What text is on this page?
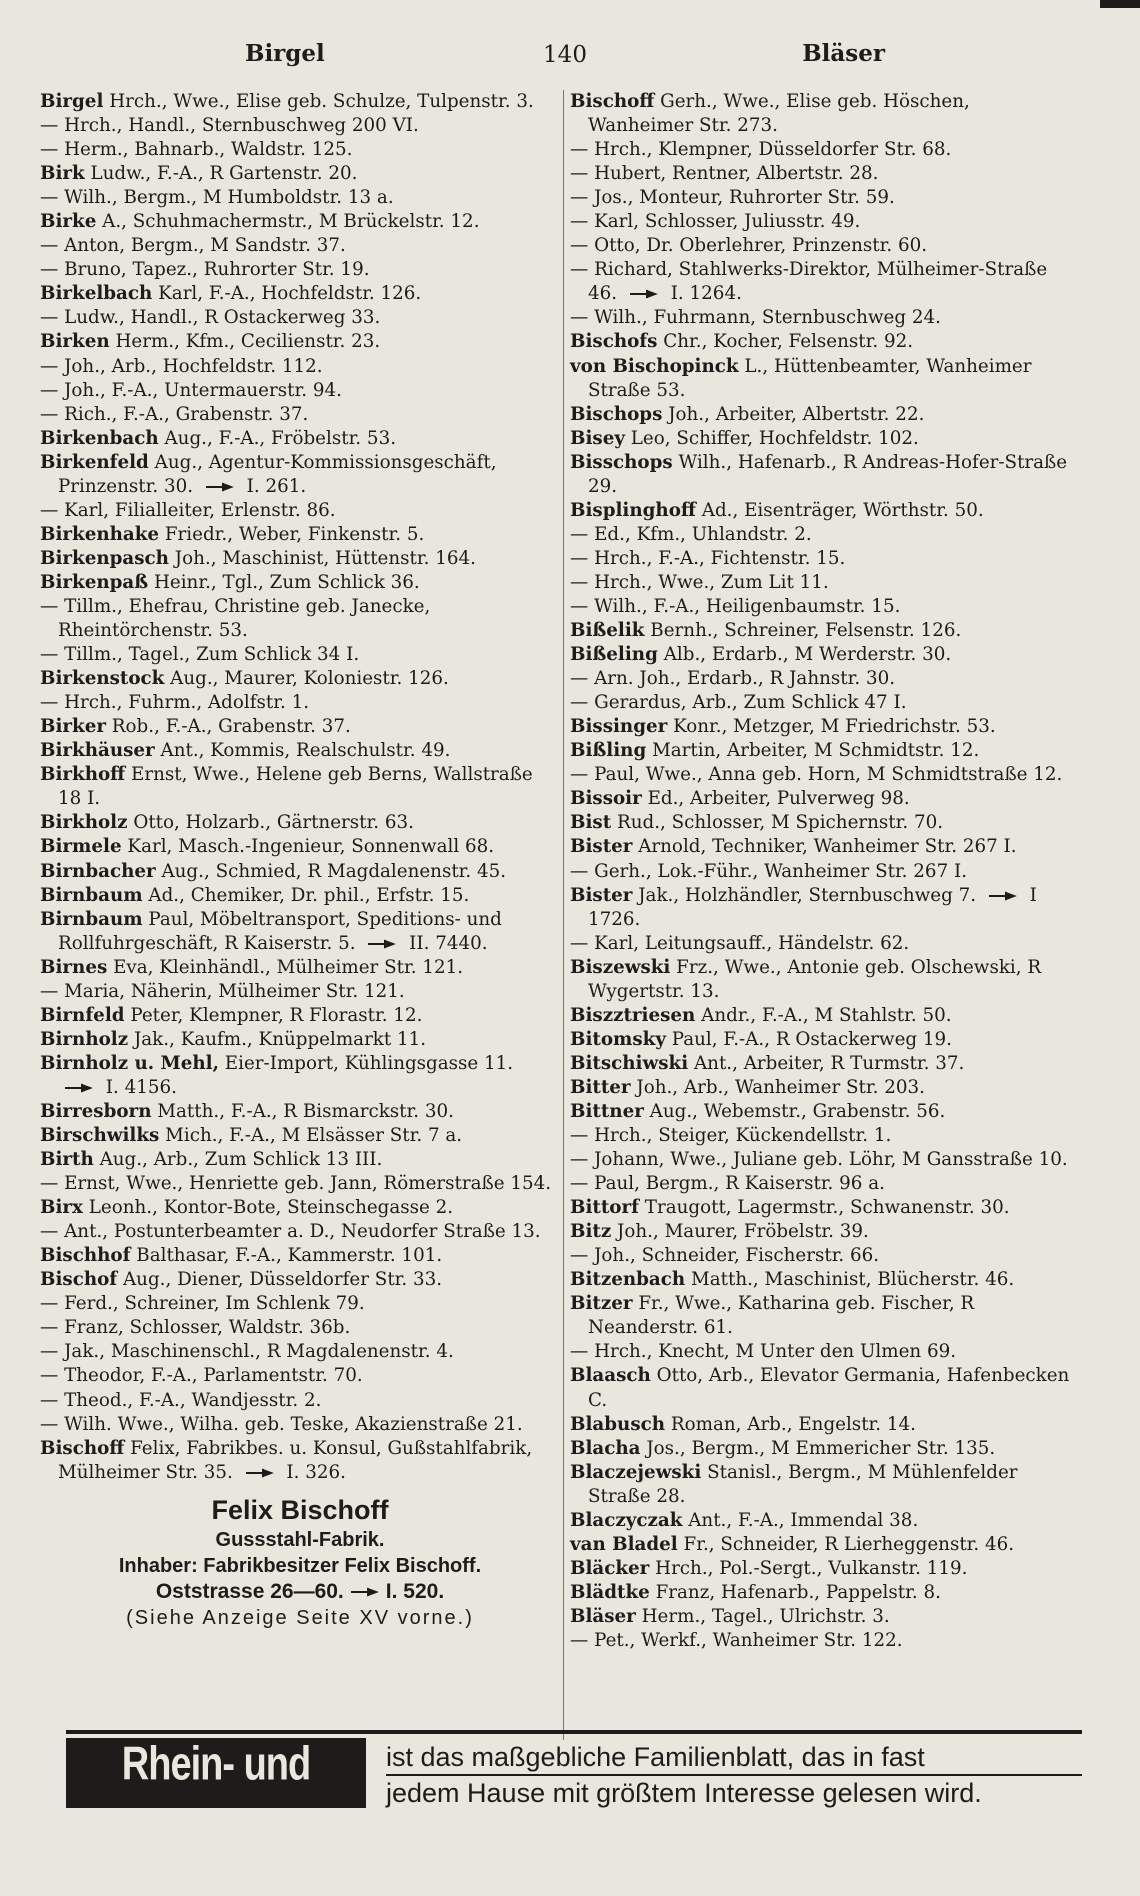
Birgel	140	Bläser
Birgel Hrch., Wwe., Elise geb. Schulze, Tulpenstr. 3.
— Hrch., Handl., Sternbuschweg 200 VI.
— Herm., Bahnarb., Waldstr. 125.
Birk Ludw., F.-A., R Gartenstr. 20.
— Wilh., Bergm., M Humboldstr. 13 a.
Birke A., Schuhmachermstr., M Brückelstr. 12.
— Anton, Bergm., M Sandstr. 37.
— Bruno, Tapez., Ruhrorter Str. 19.
Birkelbach Karl, F.-A., Hochfeldstr. 126.
— Ludw., Handl., R Ostackerweg 33.
Birken Herm., Kfm., Cecilienstr. 23.
— Joh., Arb., Hochfeldstr. 112.
— Joh., F.-A., Untermauerstr. 94.
— Rich., F.-A., Grabenstr. 37.
Birkenbach Aug., F.-A., Fröbelstr. 53.
Birkenfeld Aug., Agentur-Kommissionsgeschäft, Prinzenstr. 30.  I. 261.
— Karl, Filialleiter, Erlenstr. 86.
Birkenhake Friedr., Weber, Finkenstr. 5.
Birkenpasch Joh., Maschinist, Hüttenstr. 164.
Birkenpaß Heinr., Tgl., Zum Schlick 36.
— Tillm., Ehefrau, Christine geb. Janecke, Rheintörchenstr. 53.
— Tillm., Tagel., Zum Schlick 34 I.
Birkenstock Aug., Maurer, Koloniestr. 126.
— Hrch., Fuhrm., Adolfstr. 1.
Birker Rob., F.-A., Grabenstr. 37.
Birkhäuser Ant., Kommis, Realschulstr. 49.
Birkhoff Ernst, Wwe., Helene geb Berns, Wallstraße 18 I.
Birkholz Otto, Holzarb., Gärtnerstr. 63.
Birmele Karl, Masch.-Ingenieur, Sonnenwall 68.
Birnbacher Aug., Schmied, R Magdalenenstr. 45.
Birnbaum Ad., Chemiker, Dr. phil., Erfstr. 15.
Birnbaum Paul, Möbeltransport, Speditions- und Rollfuhrgeschäft, R Kaiserstr. 5.  II. 7440.
Birnes Eva, Kleinhändl., Mülheimer Str. 121.
— Maria, Näherin, Mülheimer Str. 121.
Birnfeld Peter, Klempner, R Florastr. 12.
Birnholz Jak., Kaufm., Knüppelmarkt 11.
Birnholz u. Mehl, Eier-Import, Kühlingsgasse 11.  I. 4156.
Birresborn Matth., F.-A., R Bismarckstr. 30.
Birschwilks Mich., F.-A., M Elsässer Str. 7 a.
Birth Aug., Arb., Zum Schlick 13 III.
— Ernst, Wwe., Henriette geb. Jann, Römerstraße 154.
Birx Leonh., Kontor-Bote, Steinschegasse 2.
— Ant., Postunterbeamter a. D., Neudorfer Straße 13.
Bischhof Balthasar, F.-A., Kammerstr. 101.
Bischof Aug., Diener, Düsseldorfer Str. 33.
— Ferd., Schreiner, Im Schlenk 79.
— Franz, Schlosser, Waldstr. 36b.
— Jak., Maschinenschl., R Magdalenenstr. 4.
— Theodor, F.-A., Parlamentstr. 70.
— Theod., F.-A., Wandjesstr. 2.
— Wilh. Wwe., Wilha. geb. Teske, Akazienstraße 21.
Bischoff Felix, Fabrikbes. u. Konsul, Gußstahlfabrik, Mülheimer Str. 35.  I. 326.
Felix Bischoff
Gussstahl-Fabrik.
Inhaber: Fabrikbesitzer Felix Bischoff.
Oststrasse 26—60. I. 520.
(Siehe Anzeige Seite XV vorne.)
Bischoff Gerh., Wwe., Elise geb. Höschen, Wanheimer Str. 273.
— Hrch., Klempner, Düsseldorfer Str. 68.
— Hubert, Rentner, Albertstr. 28.
— Jos., Monteur, Ruhrorter Str. 59.
— Karl, Schlosser, Juliusstr. 49.
— Otto, Dr. Oberlehrer, Prinzenstr. 60.
— Richard, Stahlwerks-Direktor, Mülheimer-Straße 46.  I. 1264.
— Wilh., Fuhrmann, Sternbuschweg 24.
Bischofs Chr., Kocher, Felsenstr. 92.
von Bischopinck L., Hüttenbeamter, Wanheimer Straße 53.
Bischops Joh., Arbeiter, Albertstr. 22.
Bisey Leo, Schiffer, Hochfeldstr. 102.
Bisschops Wilh., Hafenarb., R Andreas-Hofer-Straße 29.
Bisplinghoff Ad., Eisenträger, Wörthstr. 50.
— Ed., Kfm., Uhlandstr. 2.
— Hrch., F.-A., Fichtenstr. 15.
— Hrch., Wwe., Zum Lit 11.
— Wilh., F.-A., Heiligenbaumstr. 15.
Bißelik Bernh., Schreiner, Felsenstr. 126.
Bißeling Alb., Erdarb., M Werderstr. 30.
— Arn. Joh., Erdarb., R Jahnstr. 30.
— Gerardus, Arb., Zum Schlick 47 I.
Bissinger Konr., Metzger, M Friedrichstr. 53.
Bißling Martin, Arbeiter, M Schmidtstr. 12.
— Paul, Wwe., Anna geb. Horn, M Schmidtstraße 12.
Bissoir Ed., Arbeiter, Pulverweg 98.
Bist Rud., Schlosser, M Spichernstr. 70.
Bister Arnold, Techniker, Wanheimer Str. 267 I.
— Gerh., Lok.-Führ., Wanheimer Str. 267 I.
Bister Jak., Holzhändler, Sternbuschweg 7.  I 1726.
— Karl, Leitungsauff., Händelstr. 62.
Biszewski Frz., Wwe., Antonie geb. Olschewski, R Wygertstr. 13.
Biszztriesen Andr., F.-A., M Stahlstr. 50.
Bitomsky Paul, F.-A., R Ostackerweg 19.
Bitschiwski Ant., Arbeiter, R Turmstr. 37.
Bitter Joh., Arb., Wanheimer Str. 203.
Bittner Aug., Webemstr., Grabenstr. 56.
— Hrch., Steiger, Kückendellstr. 1.
— Johann, Wwe., Juliane geb. Löhr, M Gansstraße 10.
— Paul, Bergm., R Kaiserstr. 96 a.
Bittorf Traugott, Lagermstr., Schwanenstr. 30.
Bitz Joh., Maurer, Fröbelstr. 39.
— Joh., Schneider, Fischerstr. 66.
Bitzenbach Matth., Maschinist, Blücherstr. 46.
Bitzer Fr., Wwe., Katharina geb. Fischer, R Neanderstr. 61.
— Hrch., Knecht, M Unter den Ulmen 69.
Blaasch Otto, Arb., Elevator Germania, Hafenbecken C.
Blabusch Roman, Arb., Engelstr. 14.
Blacha Jos., Bergm., M Emmericher Str. 135.
Blaczejewski Stanisl., Bergm., M Mühlenfelder Straße 28.
Blaczyczak Ant., F.-A., Immendal 38.
van Bladel Fr., Schneider, R Lierheggenstr. 46.
Bläcker Hrch., Pol.-Sergt., Vulkanstr. 119.
Blädtke Franz, Hafenarb., Pappelstr. 8.
Bläser Herm., Tagel., Ulrichstr. 3.
— Pet., Werkf., Wanheimer Str. 122.
Rhein- und Ruhrzeitung
ist das maßgebliche Familienblatt, das in fast
jedem Hause mit größtem Interesse gelesen wird.
